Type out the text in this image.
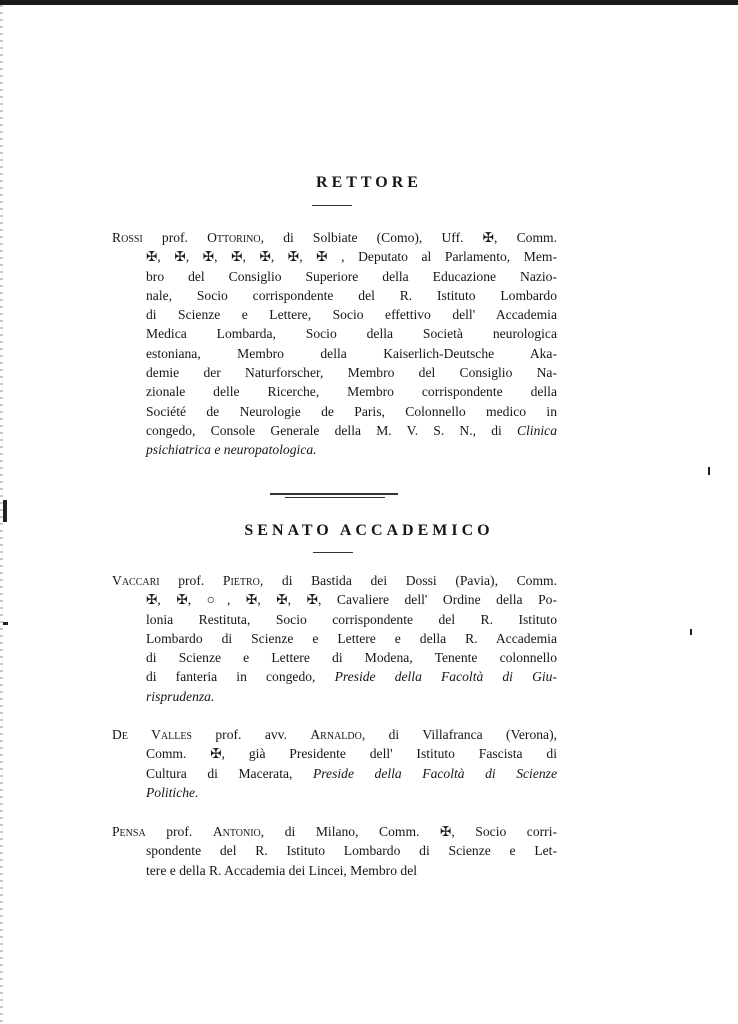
RETTORE
Rossi prof. Ottorino, di Solbiate (Como), Uff. ✠, Comm.
✠, ✠, ✠, ✠, ✠, ✠, ✠ , Deputato al Parlamento, Mem-
bro del Consiglio Superiore della Educazione Nazio-
nale, Socio corrispondente del R. Istituto Lombardo
di Scienze e Lettere, Socio effettivo dell' Accademia
Medica Lombarda, Socio della Società neurologica
estoniana, Membro della Kaiserlich-Deutsche Aka-
demie der Naturforscher, Membro del Consiglio Na-
zionale delle Ricerche, Membro corrispondente della
Société de Neurologie de Paris, Colonnello medico in
congedo, Console Generale della M. V. S. N., di Clinica
psichiatrica e neuropatologica.
SENATO ACCADEMICO
Vaccari prof. Pietro, di Bastida dei Dossi (Pavia), Comm.
✠, ✠, ○, ✠, ✠, ✠, Cavaliere dell' Ordine della Po-
lonia Restituta, Socio corrispondente del R. Istituto
Lombardo di Scienze e Lettere e della R. Accademia
di Scienze e Lettere di Modena, Tenente colonnello
di fanteria in congedo, Preside della Facoltà di Giu-
risprudenza.
De Valles prof. avv. Arnaldo, di Villafranca (Verona),
Comm. ✠, già Presidente dell' Istituto Fascista di
Cultura di Macerata, Preside della Facoltà di Scienze
Politiche.
Pensa prof. Antonio, di Milano, Comm. ✠, Socio corri-
spondente del R. Istituto Lombardo di Scienze e Let-
tere e della R. Accademia dei Lincei, Membro del
